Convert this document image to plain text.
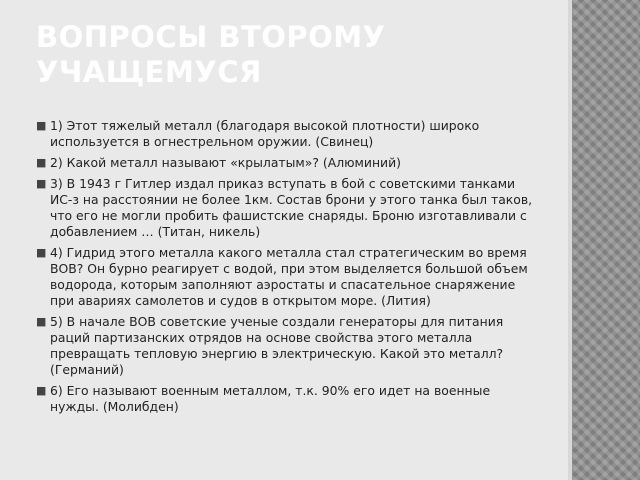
ВОПРОСЫ ВТОРОМУ УЧАЩЕМУСЯ
■ 1) Этот тяжелый металл (благодаря высокой плотности) широко используется в огнестрельном оружии. (Свинец)
■ 2) Какой металл называют «крылатым»? (Алюминий)
■ 3) В 1943 г Гитлер издал приказ вступать в бой с советскими танками ИС-з на расстоянии не более 1км. Состав брони у этого танка был таков, что его не могли пробить фашистские снаряды. Броню изготавливали с добавлением … (Титан, никель)
■ 4) Гидрид этого металла какого металла стал стратегическим во время ВОВ? Он бурно реагирует с водой, при этом выделяется большой объем водорода, которым заполняют аэростаты и спасательное снаряжение при авариях самолетов и судов в открытом море. (Лития)
■ 5) В начале ВОВ советские ученые создали генераторы для питания раций партизанских отрядов на основе свойства этого металла превращать тепловую энергию в электрическую. Какой это металл? (Германий)
■ 6) Его называют военным металлом, т.к. 90% его идет на военные нужды. (Молибден)
